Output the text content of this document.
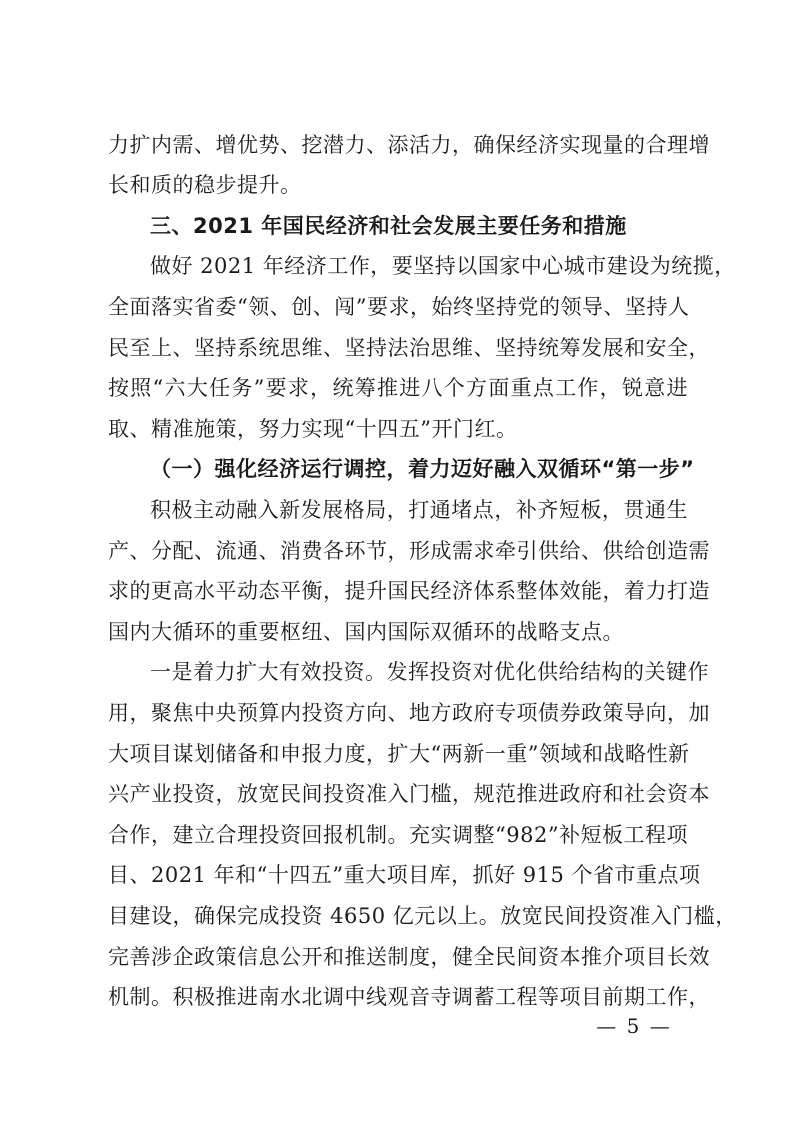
力扩内需、增优势、挖潜力、添活力，确保经济实现量的合理增
长和质的稳步提升。
三、2021 年国民经济和社会发展主要任务和措施
做好 2021 年经济工作，要坚持以国家中心城市建设为统揽，
全面落实省委“领、创、闯”要求，始终坚持党的领导、坚持人
民至上、坚持系统思维、坚持法治思维、坚持统筹发展和安全，
按照“六大任务”要求，统筹推进八个方面重点工作，锐意进
取、精准施策，努力实现“十四五”开门红。
（一）强化经济运行调控，着力迈好融入双循环“第一步”
积极主动融入新发展格局，打通堵点，补齐短板，贯通生
产、分配、流通、消费各环节，形成需求牵引供给、供给创造需
求的更高水平动态平衡，提升国民经济体系整体效能，着力打造
国内大循环的重要枢纽、国内国际双循环的战略支点。
一是着力扩大有效投资。发挥投资对优化供给结构的关键作
用，聚焦中央预算内投资方向、地方政府专项债券政策导向，加
大项目谋划储备和申报力度，扩大“两新一重”领域和战略性新
兴产业投资，放宽民间投资准入门槛，规范推进政府和社会资本
合作，建立合理投资回报机制。充实调整“982”补短板工程项
目、2021 年和“十四五”重大项目库，抓好 915 个省市重点项
目建设，确保完成投资 4650 亿元以上。放宽民间投资准入门槛，
完善涉企政策信息公开和推送制度，健全民间资本推介项目长效
机制。积极推进南水北调中线观音寺调蓄工程等项目前期工作，
— 5 —
